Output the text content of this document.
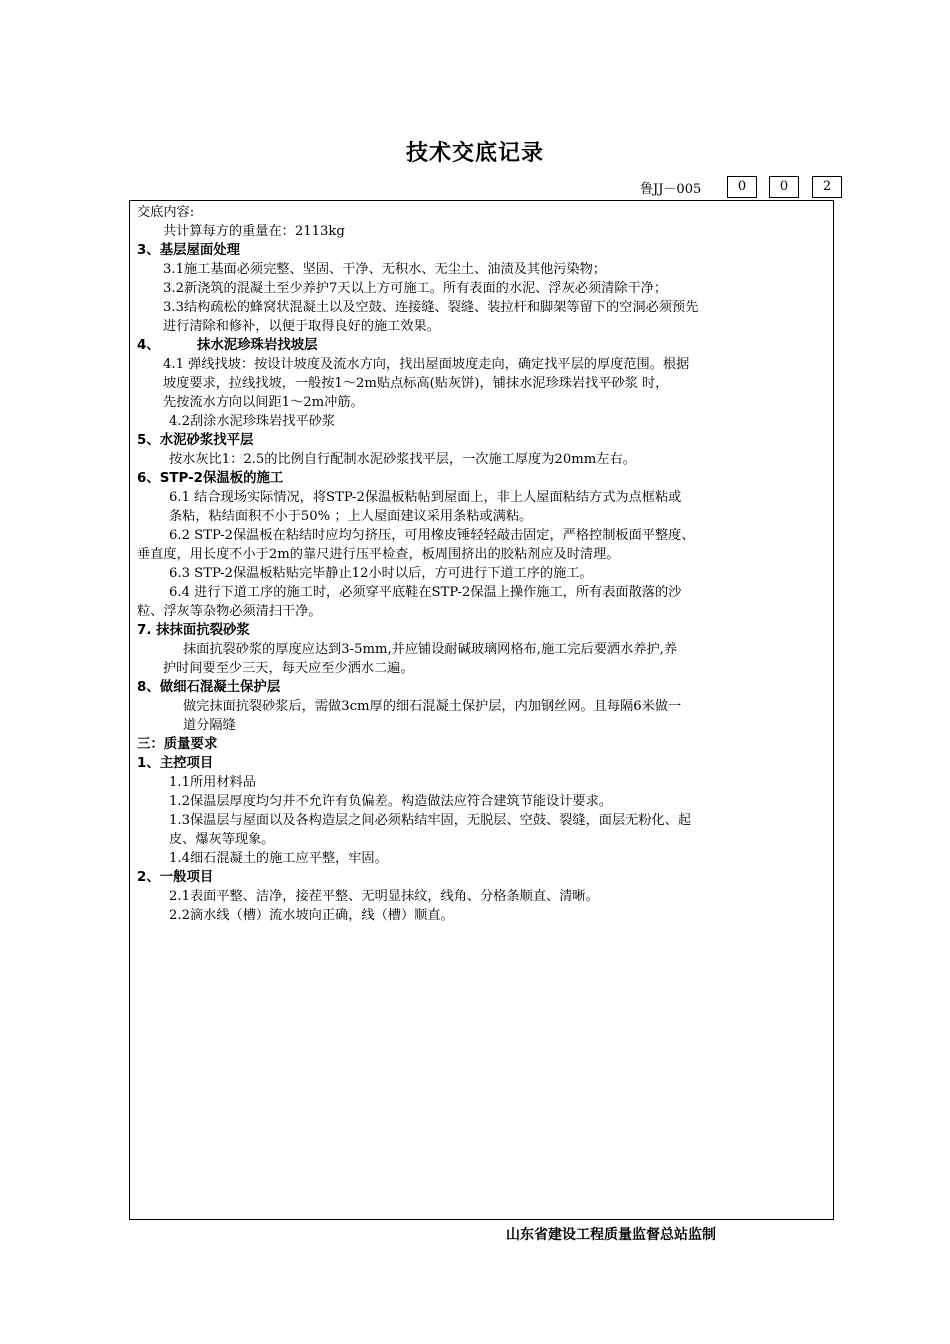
技术交底记录
鲁JJ－005	0	0	2

交底内容:

共计算每方的重量在：2113kg

3、基层屋面处理

3.1施工基面必须完整、坚固、干净、无积水、无尘土、油渍及其他污染物；

3.2新浇筑的混凝土至少养护7天以上方可施工。所有表面的水泥、浮灰必须清除干净；

3.3结构疏松的蜂窝状混凝土以及空鼓、连接缝、裂缝、装拉杆和脚架等留下的空洞必须预先

进行清除和修补，以便于取得良好的施工效果。

4、	抹水泥珍珠岩找坡层

4.1 弹线找坡：按设计坡度及流水方向，找出屋面坡度走向，确定找平层的厚度范围。根据

坡度要求，拉线找坡，一般按1～2m贴点标高(贴灰饼)，铺抹水泥珍珠岩找平砂浆 时，

先按流水方向以间距1～2m冲筋。

4.2刮涂水泥珍珠岩找平砂浆

5、水泥砂浆找平层

按水灰比1：2.5的比例自行配制水泥砂浆找平层，一次施工厚度为20mm左右。

6、STP-2保温板的施工

6.1 结合现场实际情况，将STP-2保温板粘帖到屋面上，非上人屋面粘结方式为点框粘或

条粘，粘结面积不小于50% ；上人屋面建议采用条粘或满粘。

6.2 STP-2保温板在粘结时应均匀挤压，可用橡皮锤轻轻敲击固定，严格控制板面平整度、

垂直度，用长度不小于2m的靠尺进行压平检查，板周围挤出的胶粘剂应及时清理。

6.3 STP-2保温板粘贴完毕静止12小时以后，方可进行下道工序的施工。

6.4 进行下道工序的施工时，必须穿平底鞋在STP-2保温上操作施工，所有表面散落的沙

粒、浮灰等杂物必须清扫干净。

7. 抹抹面抗裂砂浆

抹面抗裂砂浆的厚度应达到3-5mm,并应铺设耐碱玻璃网格布,施工完后要洒水养护,养

护时间要至少三天，每天应至少洒水二遍。

8、做细石混凝土保护层

做完抹面抗裂砂浆后，需做3cm厚的细石混凝土保护层，内加钢丝网。且每隔6米做一

道分隔缝

三：质量要求

1、主控项目

1.1所用材料品

1.2保温层厚度均匀并不允许有负偏差。构造做法应符合建筑节能设计要求。

1.3保温层与屋面以及各构造层之间必须粘结牢固，无脱层、空鼓、裂缝，面层无粉化、起

皮、爆灰等现象。

1.4细石混凝土的施工应平整，牢固。

2、一般项目

2.1表面平整、洁净，接茬平整、无明显抹纹，线角、分格条顺直、清晰。

2.2滴水线（槽）流水坡向正确，线（槽）顺直。

山东省建设工程质量监督总站监制
